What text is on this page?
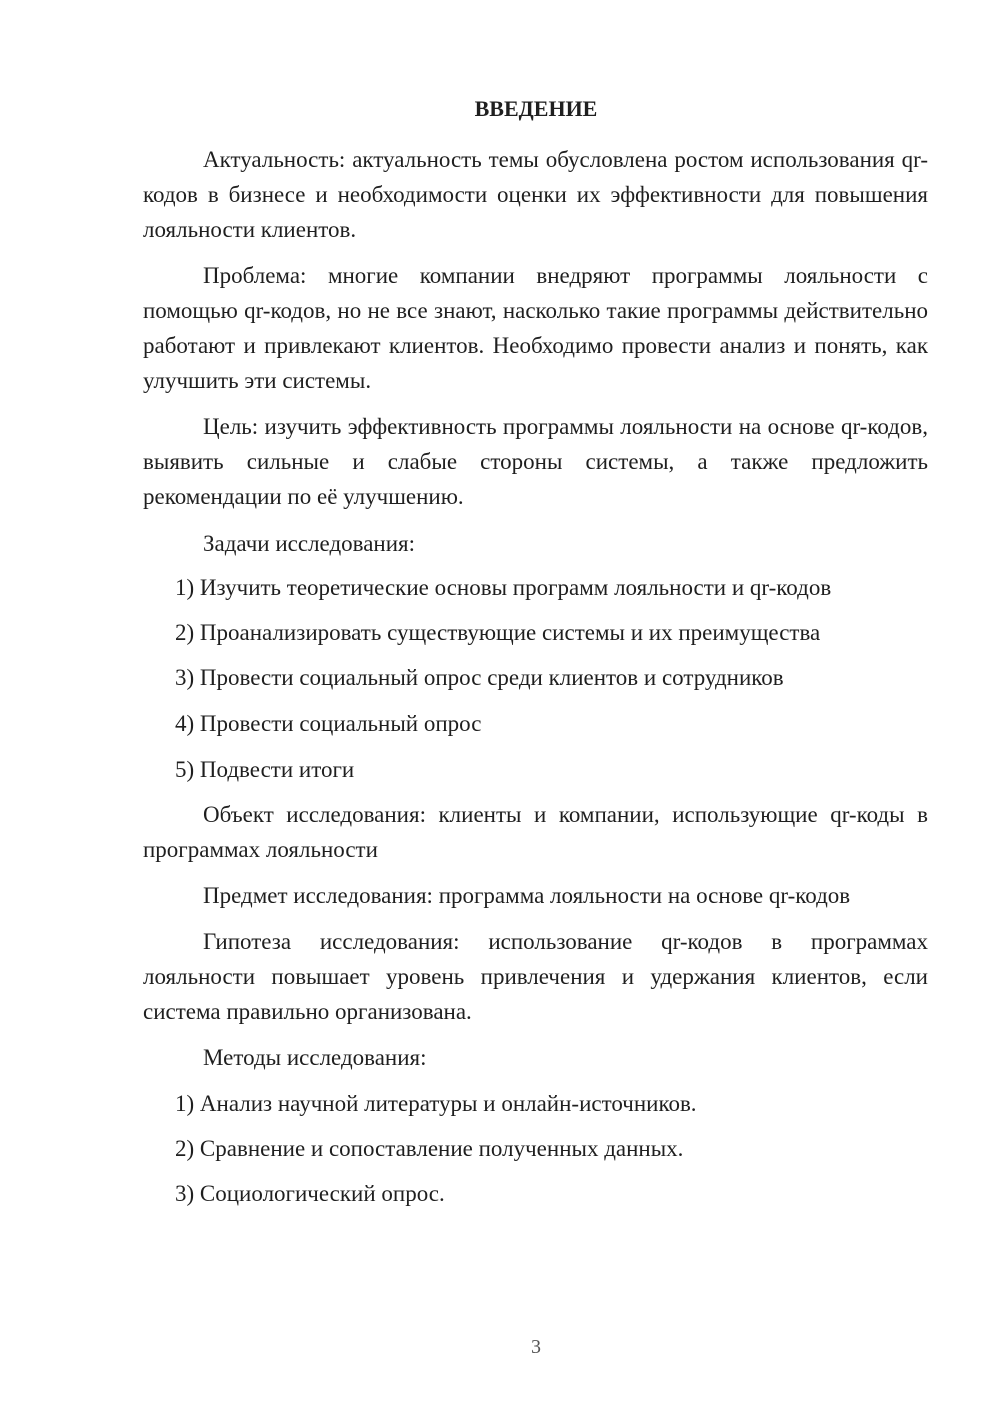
ВВЕДЕНИЕ

Актуальность: актуальность темы обусловлена ростом использования qr-кодов в бизнесе и необходимости оценки их эффективности для повышения лояльности клиентов.

Проблема: многие компании внедряют программы лояльности с помощью qr-кодов, но не все знают, насколько такие программы действительно работают и привлекают клиентов. Необходимо провести анализ и понять, как улучшить эти системы.

Цель: изучить эффективность программы лояльности на основе qr-кодов, выявить сильные и слабые стороны системы, а также предложить рекомендации по её улучшению.

Задачи исследования:

1) Изучить теоретические основы программ лояльности и qr-кодов

2) Проанализировать существующие системы и их преимущества

3) Провести социальный опрос среди клиентов и сотрудников

4) Провести социальный опрос

5) Подвести итоги

Объект исследования: клиенты и компании, использующие qr-коды в программах лояльности

Предмет исследования: программа лояльности на основе qr-кодов

Гипотеза исследования: использование qr-кодов в программах лояльности повышает уровень привлечения и удержания клиентов, если система правильно организована.

Методы исследования:

1) Анализ научной литературы и онлайн-источников.

2) Сравнение и сопоставление полученных данных.

3) Социологический опрос.

3
